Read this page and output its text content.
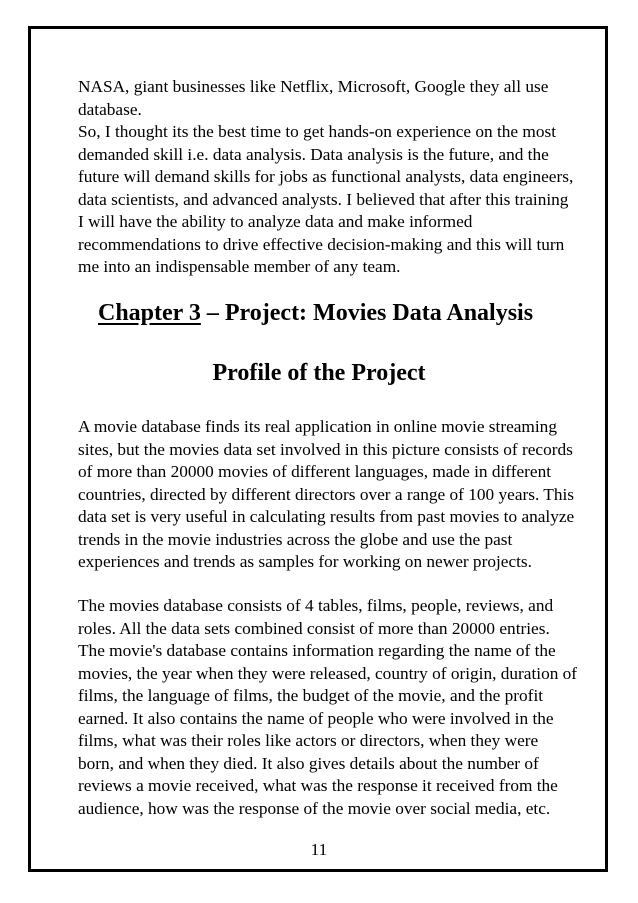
NASA, giant businesses like Netflix, Microsoft, Google they all use database.

So, I thought its the best time to get hands-on experience on the most demanded skill i.e. data analysis. Data analysis is the future, and the future will demand skills for jobs as functional analysts, data engineers, data scientists, and advanced analysts. I believed that after this training I will have the ability to analyze data and make informed recommendations to drive effective decision-making and this will turn me into an indispensable member of any team.

Chapter 3 – Project: Movies Data Analysis
Profile of the Project

A movie database finds its real application in online movie streaming sites, but the movies data set involved in this picture consists of records of more than 20000 movies of different languages, made in different countries, directed by different directors over a range of 100 years. This data set is very useful in calculating results from past movies to analyze trends in the movie industries across the globe and use the past experiences and trends as samples for working on newer projects.

The movies database consists of 4 tables, films, people, reviews, and roles. All the data sets combined consist of more than 20000 entries. The movie's database contains information regarding the name of the movies, the year when they were released, country of origin, duration of films, the language of films, the budget of the movie, and the profit earned. It also contains the name of people who were involved in the films, what was their roles like actors or directors, when they were born, and when they died. It also gives details about the number of reviews a movie received, what was the response it received from the audience, how was the response of the movie over social media, etc.

11
